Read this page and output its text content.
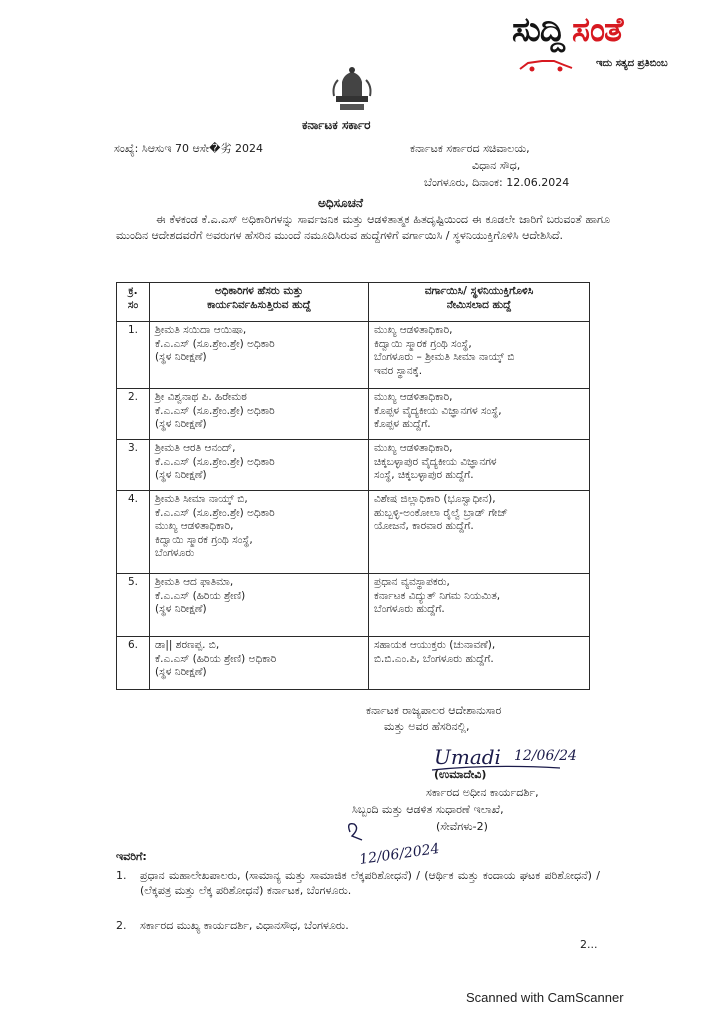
ಸುದ್ದಿ ಸಂತೆ
ಇದು ಸತ್ಯದ ಪ್ರತಿಬಿಂಬ
ಕರ್ನಾಟಕ ಸರ್ಕಾರ
ಸಂಖ್ಯೆ: ಸಿಆಸುಇ 70 ಆಸೇ�劣 2024	ಕರ್ನಾಟಕ ಸರ್ಕಾರದ ಸಚಿವಾಲಯ,
ವಿಧಾನ ಸೌಧ,
ಬೆಂಗಳೂರು, ದಿನಾಂಕ: 12.06.2024
ಅಧಿಸೂಚನೆ
ಈ ಕೆಳಕಂಡ ಕೆ.ಎ.ಎಸ್ ಅಧಿಕಾರಿಗಳನ್ನು ಸಾರ್ವಜನಿಕ ಮತ್ತು ಆಡಳಿತಾತ್ಮಕ ಹಿತದೃಷ್ಟಿಯಿಂದ ಈ ಕೂಡಲೇ ಜಾರಿಗೆ ಬರುವಂತೆ ಹಾಗೂ ಮುಂದಿನ ಆದೇಶದವರೆಗೆ ಅವರುಗಳ ಹೆಸರಿನ ಮುಂದೆ ನಮೂದಿಸಿರುವ ಹುದ್ದೆಗಳಿಗೆ ವರ್ಗಾಯಿಸಿ / ಸ್ಥಳನಿಯುಕ್ತಿಗೊಳಿಸಿ ಆದೇಶಿಸಿದೆ.
ಕ್ರ. ಸಂ	ಅಧಿಕಾರಿಗಳ ಹೆಸರು ಮತ್ತು
ಕಾರ್ಯನಿರ್ವಹಿಸುತ್ತಿರುವ ಹುದ್ದೆ	ವರ್ಗಾಯಿಸಿ/ ಸ್ಥಳನಿಯುಕ್ತಿಗೊಳಿಸಿ
ನೇಮಿಸಲಾದ ಹುದ್ದೆ

1.	ಶ್ರೀಮತಿ ಸಯಿದಾ ಆಯಿಷಾ,
ಕೆ.ಎ.ಎಸ್ (ಸೂ.ಶ್ರೇಂ.ಶ್ರೇ) ಅಧಿಕಾರಿ
(ಸ್ಥಳ ನಿರೀಕ್ಷಣೆ)	ಮುಖ್ಯ ಆಡಳಿತಾಧಿಕಾರಿ,
ಕಿದ್ವಾಯಿ ಸ್ಮಾರಕ ಗ್ರಂಥಿ ಸಂಸ್ಥೆ,
ಬೆಂಗಳೂರು – ಶ್ರೀಮತಿ ಸೀಮಾ ನಾಯ್ಕ್ ಬಿ
ಇವರ ಸ್ಥಾನಕ್ಕೆ.

2.	ಶ್ರೀ ವಿಶ್ವನಾಥ ಪಿ. ಹಿರೇಮಠ
ಕೆ.ಎ.ಎಸ್ (ಸೂ.ಶ್ರೇಂ.ಶ್ರೇ) ಅಧಿಕಾರಿ
(ಸ್ಥಳ ನಿರೀಕ್ಷಣೆ)	ಮುಖ್ಯ ಆಡಳಿತಾಧಿಕಾರಿ,
ಕೊಪ್ಪಳ ವೈದ್ಯಕೀಯ ವಿಜ್ಞಾನಗಳ ಸಂಸ್ಥೆ,
ಕೊಪ್ಪಳ ಹುದ್ದೆಗೆ.

3.	ಶ್ರೀಮತಿ ಆರತಿ ಆನಂದ್,
ಕೆ.ಎ.ಎಸ್ (ಸೂ.ಶ್ರೇಂ.ಶ್ರೇ) ಅಧಿಕಾರಿ
(ಸ್ಥಳ ನಿರೀಕ್ಷಣೆ)	ಮುಖ್ಯ ಆಡಳಿತಾಧಿಕಾರಿ,
ಚಿಕ್ಕಬಳ್ಳಾಪುರ ವೈದ್ಯಕೀಯ ವಿಜ್ಞಾನಗಳ
ಸಂಸ್ಥೆ, ಚಿಕ್ಕಬಳ್ಳಾಪುರ ಹುದ್ದೆಗೆ.

4.	ಶ್ರೀಮತಿ ಸೀಮಾ ನಾಯ್ಕ್ ಬಿ,
ಕೆ.ಎ.ಎಸ್ (ಸೂ.ಶ್ರೇಂ.ಶ್ರೇ) ಅಧಿಕಾರಿ
ಮುಖ್ಯ ಆಡಳಿತಾಧಿಕಾರಿ,
ಕಿದ್ವಾಯಿ ಸ್ಮಾರಕ ಗ್ರಂಥಿ ಸಂಸ್ಥೆ,
ಬೆಂಗಳೂರು	ವಿಶೇಷ ಜಿಲ್ಲಾಧಿಕಾರಿ (ಭೂಸ್ವಾಧೀನ),
ಹುಬ್ಬಳ್ಳಿ-ಅಂಕೋಲಾ ರೈಲ್ವೆ ಬ್ರಾಡ್ ಗೇಜ್
ಯೋಜನೆ, ಕಾರವಾರ ಹುದ್ದೆಗೆ.

5.	ಶ್ರೀಮತಿ ಆದ ಫಾತಿಮಾ,
ಕೆ.ಎ.ಎಸ್ (ಹಿರಿಯ ಶ್ರೇಣಿ)
(ಸ್ಥಳ ನಿರೀಕ್ಷಣೆ)	ಪ್ರಧಾನ ವ್ಯವಸ್ಥಾಪಕರು,
ಕರ್ನಾಟಕ ವಿದ್ಯುತ್ ನಿಗಮ ನಿಯಮಿತ,
ಬೆಂಗಳೂರು ಹುದ್ದೆಗೆ.

6.	ಡಾ|| ಶರಣಪ್ಪ. ಬಿ,
ಕೆ.ಎ.ಎಸ್ (ಹಿರಿಯ ಶ್ರೇಣಿ) ಅಧಿಕಾರಿ
(ಸ್ಥಳ ನಿರೀಕ್ಷಣೆ)	ಸಹಾಯಕ ಆಯುಕ್ತರು (ಚುನಾವಣೆ),
ಬಿ.ಬಿ.ಎಂ.ಪಿ, ಬೆಂಗಳೂರು ಹುದ್ದೆಗೆ.
ಕರ್ನಾಟಕ ರಾಜ್ಯಪಾಲರ ಆದೇಶಾನುಸಾರ
ಮತ್ತು ಅವರ ಹೆಸರಿನಲ್ಲಿ,
Umadi 12/06/24
(ಉಮಾದೇವಿ)
ಸರ್ಕಾರದ ಅಧೀನ ಕಾರ್ಯದರ್ಶಿ,
ಸಿಬ್ಬಂದಿ ಮತ್ತು ಆಡಳಿತ ಸುಧಾರಣೆ ಇಲಾಖೆ,
(ಸೇವೆಗಳು-2)
12/06/2024
ಇವರಿಗೆ:
1. ಪ್ರಧಾನ ಮಹಾಲೇಖಪಾಲರು, (ಸಾಮಾನ್ಯ ಮತ್ತು ಸಾಮಾಜಿಕ ಲೆಕ್ಕಪರಿಶೋಧನೆ) / (ಆರ್ಥಿಕ ಮತ್ತು ಕಂದಾಯ ಘಟಕ ಪರಿಶೋಧನೆ) / (ಲೆಕ್ಕಪತ್ರ ಮತ್ತು ಲೆಕ್ಕ ಪರಿಶೋಧನೆ) ಕರ್ನಾಟಕ, ಬೆಂಗಳೂರು.
2. ಸರ್ಕಾರದ ಮುಖ್ಯ ಕಾರ್ಯದರ್ಶಿ, ವಿಧಾನಸೌಧ, ಬೆಂಗಳೂರು.
2...
Scanned with CamScanner
